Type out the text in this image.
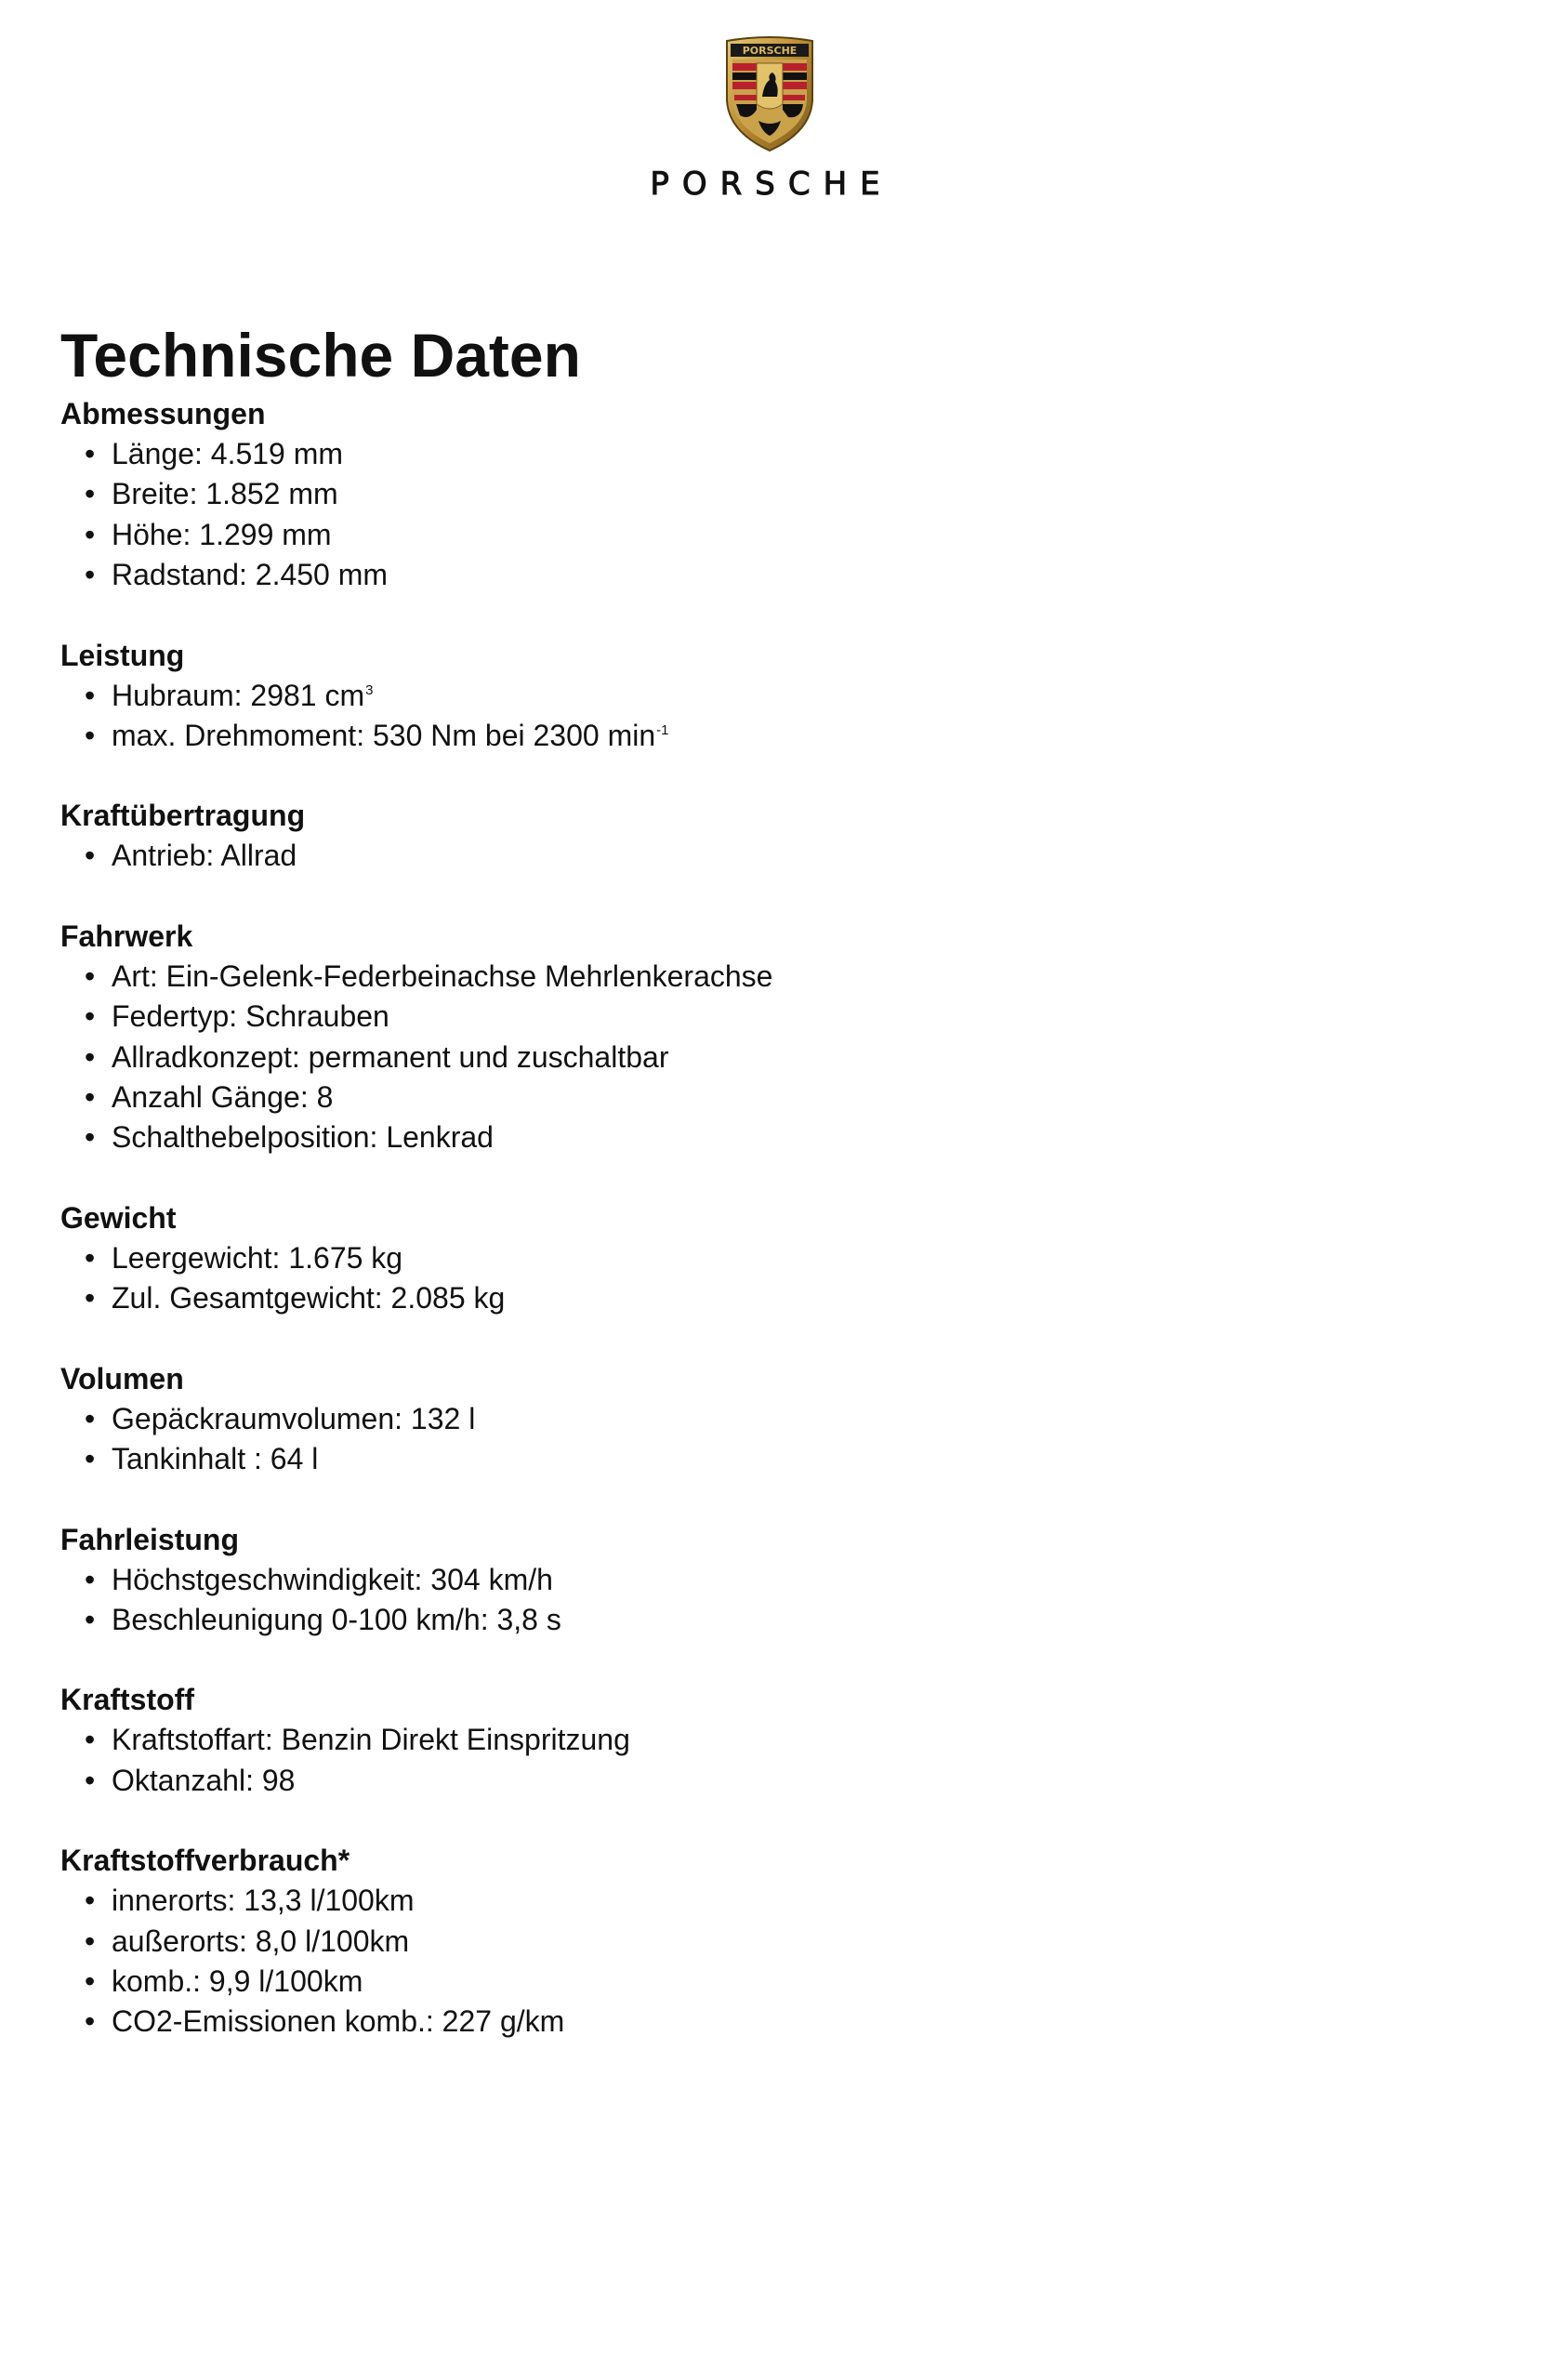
PORSCHE
PORSCHE
Technische Daten
Abmessungen
• Länge: 4.519 mm
• Breite: 1.852 mm
• Höhe: 1.299 mm
• Radstand: 2.450 mm
Leistung
• Hubraum: 2981 $cm^3$
• max. Drehmoment: 530 Nm bei 2300 $\min^{-1}$
Kraftübertragung
• Antrieb: Allrad
Fahrwerk
• Art: Ein-Gelenk-Federbeinachse Mehrlenkerachse
• Federtyp: Schrauben
• Allradkonzept: permanent und zuschaltbar
• Anzahl Gänge: 8
• Schalthebelposition: Lenkrad
Gewicht
• Leergewicht: 1.675 kg
• Zul. Gesamtgewicht: 2.085 kg
Volumen
• Gepäckraumvolumen: 132 l
• Tankinhalt : 64 l
Fahrleistung
• Höchstgeschwindigkeit: 304 km/h
• Beschleunigung 0-100 km/h: 3,8 s
Kraftstoff
• Kraftstoffart: Benzin Direkt Einspritzung
• Oktanzahl: 98
Kraftstoffverbrauch*
• innerorts: 13,3 l/100km
• außerorts: 8,0 l/100km
• komb.: 9,9 l/100km
• CO2-Emissionen komb.: 227 g/km
